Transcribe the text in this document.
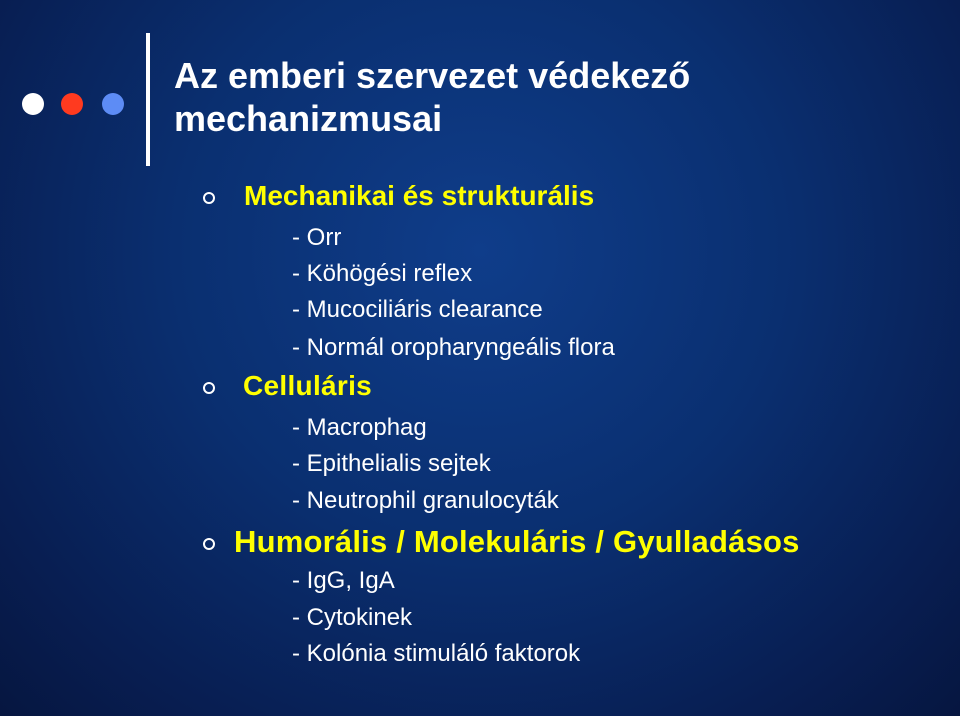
Az emberi szervezet védekező
mechanizmusai
Mechanikai és strukturális

- Orr

- Köhögési reflex

- Mucociliáris clearance

- Normál oropharyngeális flora

Celluláris

- Macrophag

- Epithelialis sejtek

- Neutrophil granulocyták

Humorális / Molekuláris / Gyulladásos

- IgG, IgA

- Cytokinek

- Kolónia stimuláló faktorok
